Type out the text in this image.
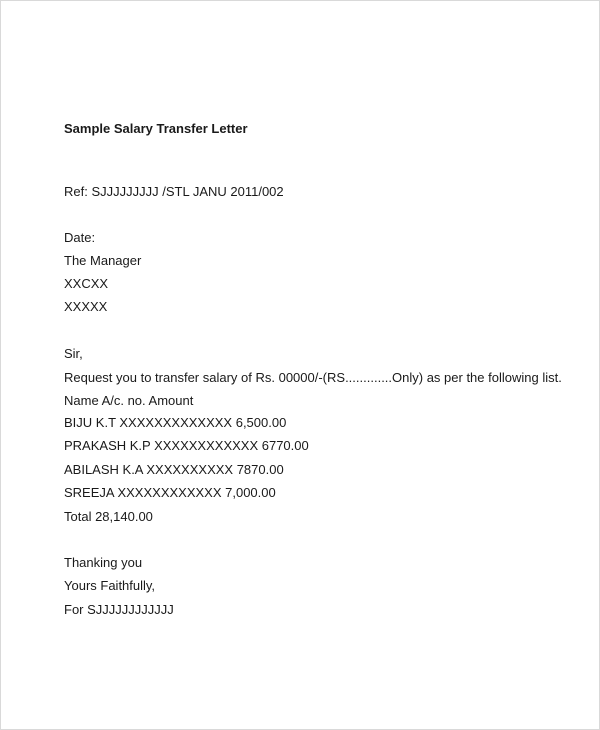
Sample Salary Transfer Letter
Ref: SJJJJJJJJJ /STL JANU 2011/002
Date:
The Manager
XXCXX
XXXXX
Sir,
Request you to transfer salary of Rs. 00000/-(RS.............Only) as per the following list.
Name A/c. no. Amount
BIJU K.T XXXXXXXXXXXXX 6,500.00
PRAKASH K.P XXXXXXXXXXXX 6770.00
ABILASH K.A XXXXXXXXXX 7870.00
SREEJA XXXXXXXXXXXX 7,000.00
Total 28,140.00
Thanking you
Yours Faithfully,
For SJJJJJJJJJJJJ
